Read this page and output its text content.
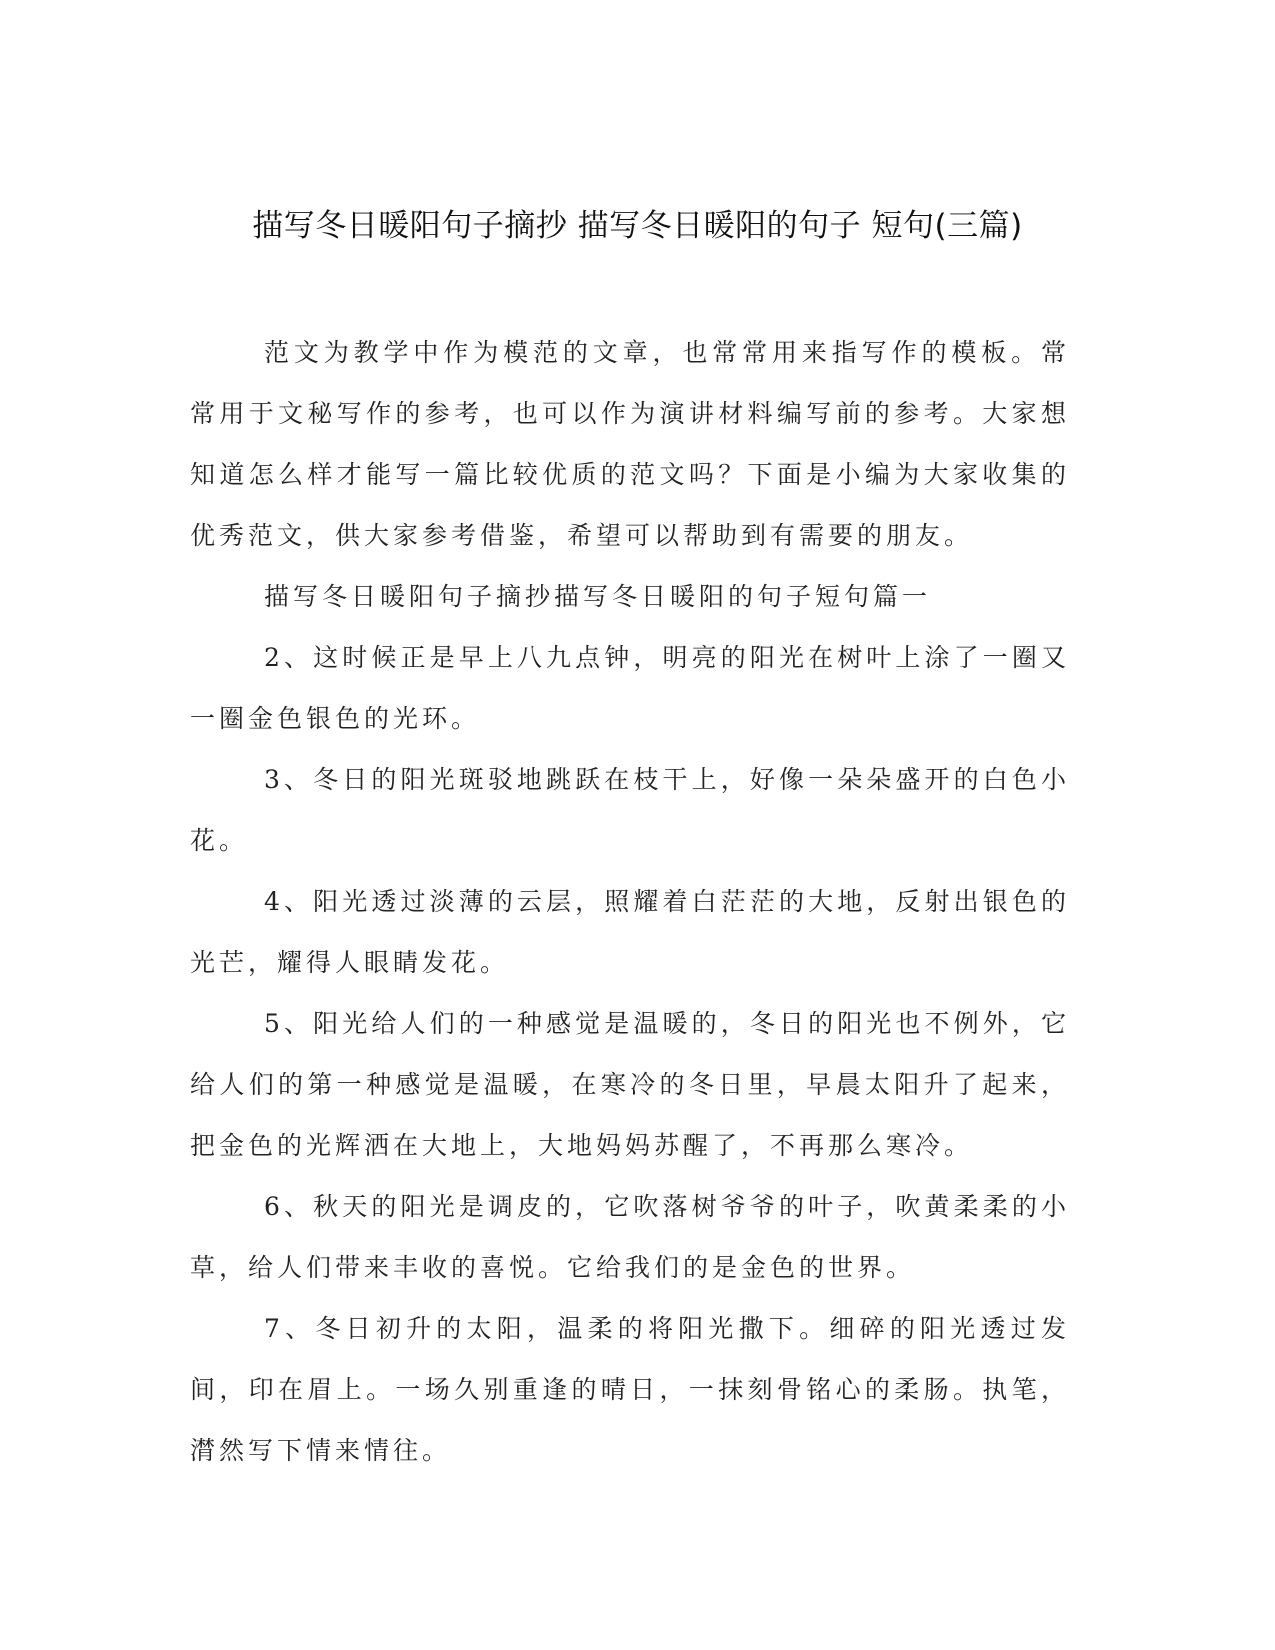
描写冬日暖阳句子摘抄 描写冬日暖阳的句子 短句(三篇)

范文为教学中作为模范的文章，也常常用来指写作的模板。常常用于文秘写作的参考，也可以作为演讲材料编写前的参考。大家想知道怎么样才能写一篇比较优质的范文吗？下面是小编为大家收集的优秀范文，供大家参考借鉴，希望可以帮助到有需要的朋友。

描写冬日暖阳句子摘抄描写冬日暖阳的句子短句篇一

2、这时候正是早上八九点钟，明亮的阳光在树叶上涂了一圈又一圈金色银色的光环。

3、冬日的阳光斑驳地跳跃在枝干上，好像一朵朵盛开的白色小花。

4、阳光透过淡薄的云层，照耀着白茫茫的大地，反射出银色的光芒，耀得人眼睛发花。

5、阳光给人们的一种感觉是温暖的，冬日的阳光也不例外，它给人们的第一种感觉是温暖，在寒冷的冬日里，早晨太阳升了起来，把金色的光辉洒在大地上，大地妈妈苏醒了，不再那么寒冷。

6、秋天的阳光是调皮的，它吹落树爷爷的叶子，吹黄柔柔的小草，给人们带来丰收的喜悦。它给我们的是金色的世界。

7、冬日初升的太阳，温柔的将阳光撒下。细碎的阳光透过发间，印在眉上。一场久别重逢的晴日，一抹刻骨铭心的柔肠。执笔，潸然写下情来情往。
